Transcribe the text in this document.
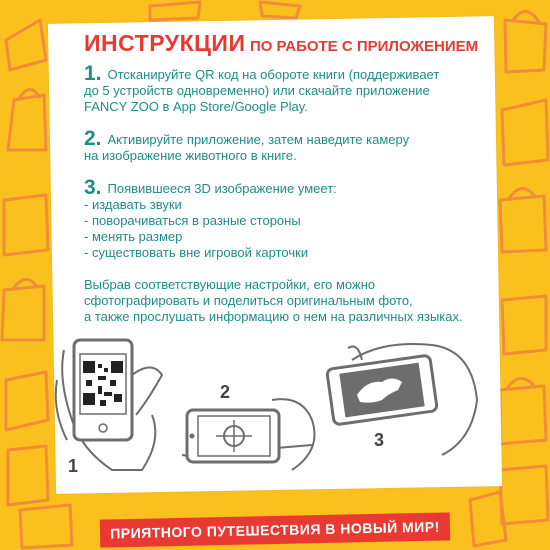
ИНСТРУКЦИИ ПО РАБОТЕ С ПРИЛОЖЕНИЕМ
1. Отсканируйте QR код на обороте книги (поддерживает
до 5 устройств одновременно) или скачайте приложение
FANCY ZOO в App Store/Google Play.
2. Активируйте приложение, затем наведите камеру
на изображение животного в книге.
3. Появившееся 3D изображение умеет:
- издавать звуки
- поворачиваться в разные стороны
- менять размер
- существовать вне игровой карточки
Выбрав соответствующие настройки, его можно
сфотографировать и поделиться оригинальным фото,
а также прослушать информацию о нем на различных языках.
1
2
3
ПРИЯТНОГО ПУТЕШЕСТВИЯ В НОВЫЙ МИР!
